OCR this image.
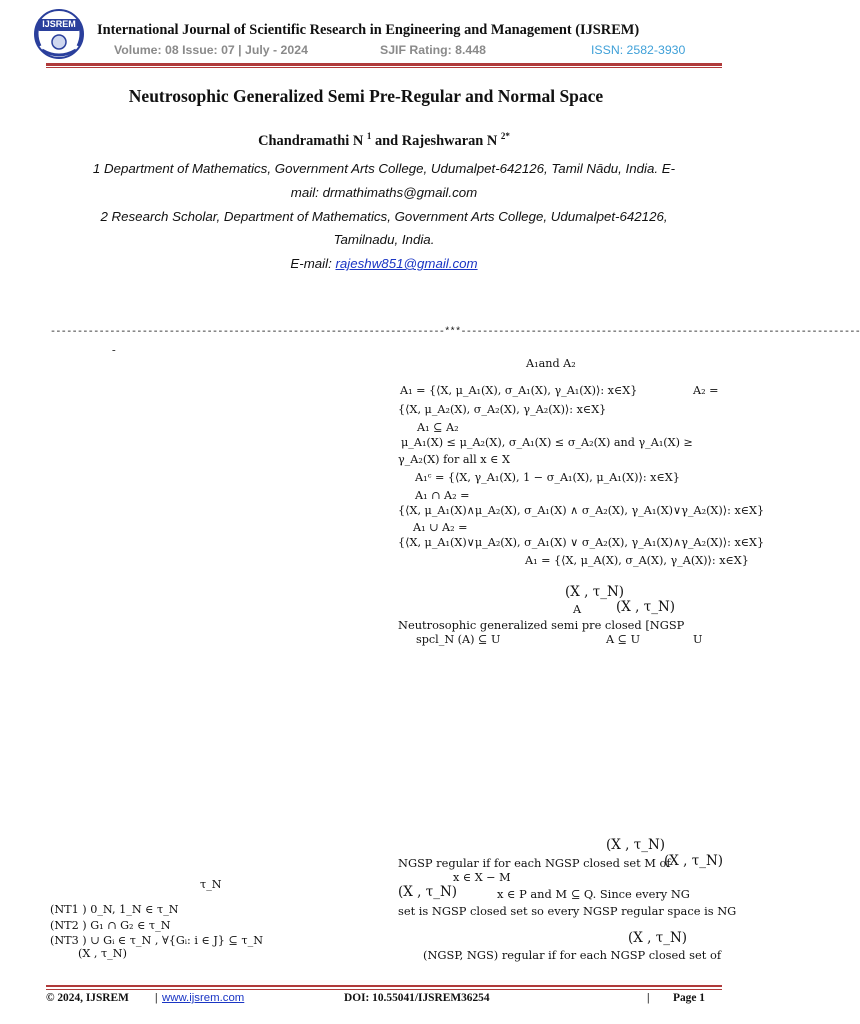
IJSREM International Journal of Scientific Research in Engineering and Management (IJSREM)
Volume: 08 Issue: 07 | July - 2024	SJIF Rating: 8.448	ISSN: 2582-3930
Neutrosophic Generalized Semi Pre-Regular and Normal Space
Chandramathi N $^1$ and Rajeshwaran N $^{2*}$
1 Department of Mathematics, Government Arts College, Udumalpet-642126, Tamil Nādu, India. E-
mail: drmathimaths@gmail.com
2 Research Scholar, Department of Mathematics, Government Arts College, Udumalpet-642126,
Tamilnadu, India.
E-mail: rajeshw851@gmail.com
-------------------------------------------------------------------------***--------------------------------------------------------------------------
-
A₁and A₂
A₁ = {⟨X, μ_A₁(X), σ_A₁(X), γ_A₁(X)⟩: x∈X}	A₂ =
{⟨X, μ_A₂(X), σ_A₂(X), γ_A₂(X)⟩: x∈X}
A₁ ⊆ A₂
μ_A₁(X) ≤ μ_A₂(X), σ_A₁(X) ≤ σ_A₂(X) and γ_A₁(X) ≥
γ_A₂(X) for all x ∈ X
A₁ᶜ = {⟨X, γ_A₁(X), 1 − σ_A₁(X), μ_A₁(X)⟩: x∈X}
A₁ ∩ A₂ =
{⟨X, μ_A₁(X)∧μ_A₂(X), σ_A₁(X) ∧ σ_A₂(X), γ_A₁(X)∨γ_A₂(X)⟩: x∈X}
A₁ ∪ A₂ =
{⟨X, μ_A₁(X)∨μ_A₂(X), σ_A₁(X) ∨ σ_A₂(X), γ_A₁(X)∧γ_A₂(X)⟩: x∈X}
A₁ = {⟨X, μ_A(X), σ_A(X), γ_A(X)⟩: x∈X}
(X , τ_N)
A	(X , τ_N)
Neutrosophic generalized semi pre closed [NGSP
spcl_N (A) ⊆ U	A ⊆ U	U
(X , τ_N)
NGSP regular if for each NGSP closed set M of
(X , τ_N)
x ∈ X − M
(X , τ_N)	x ∈ P and M ⊆ Q. Since every NG
set is NGSP closed set so every NGSP regular space is NG
(X , τ_N)
(NGSP, NGS) regular if for each NGSP closed set of
τ_N
(NT1 ) 0_N, 1_N ∈ τ_N
(NT2 ) G₁ ∩ G₂ ∈ τ_N
(NT3 ) ∪ Gᵢ ∈ τ_N , ∀{Gᵢ: i ∈ J} ⊆ τ_N
(X , τ_N)
© 2024, IJSREM | www.ijsrem.com	DOI: 10.55041/IJSREM36254	| Page 1
